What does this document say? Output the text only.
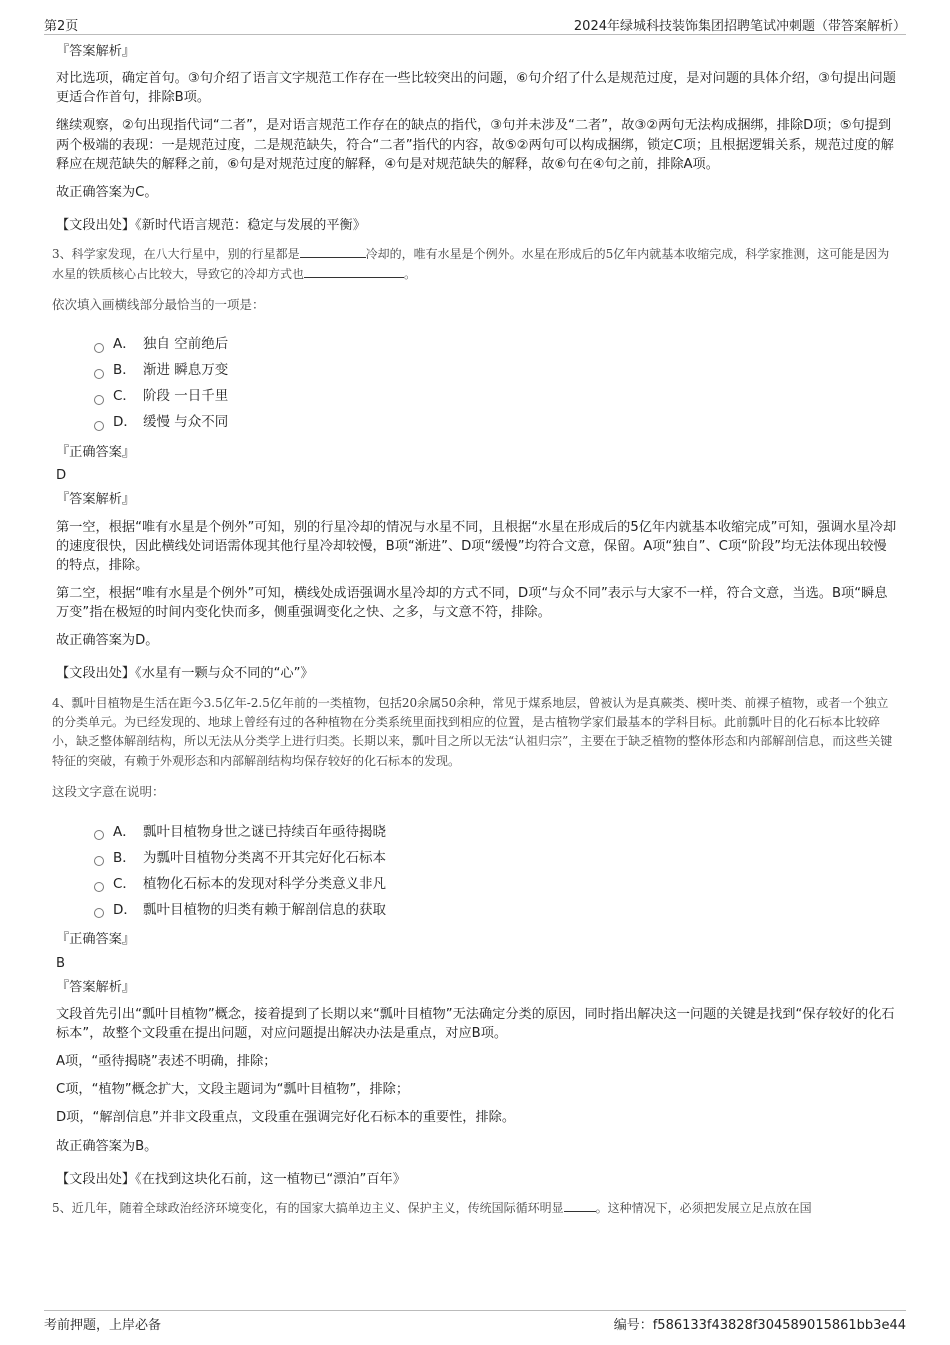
第2页	2024年绿城科技装饰集团招聘笔试冲刺题（带答案解析）
『答案解析』

对比选项，确定首句。③句介绍了语言文字规范工作存在一些比较突出的问题，⑥句介绍了什么是规范过度，是对问题的具体介绍，③句提出问题更适合作首句，排除B项。

继续观察，②句出现指代词“二者”，是对语言规范工作存在的缺点的指代，③句并未涉及“二者”，故③②两句无法构成捆绑，排除D项；⑤句提到两个极端的表现：一是规范过度，二是规范缺失，符合“二者”指代的内容，故⑤②两句可以构成捆绑，锁定C项；且根据逻辑关系，规范过度的解释应在规范缺失的解释之前，⑥句是对规范过度的解释，④句是对规范缺失的解释，故⑥句在④句之前，排除A项。

故正确答案为C。

【文段出处】《新时代语言规范：稳定与发展的平衡》
3、科学家发现，在八大行星中，别的行星都是	冷却的，唯有水星是个例外。水星在形成后的5亿年内就基本收缩完成，科学家推测，这可能是因为水星的铁质核心占比较大，导致它的冷却方式也	。
依次填入画横线部分最恰当的一项是：
A． 独自 空前绝后
B． 渐进 瞬息万变
C． 阶段 一日千里
D． 缓慢 与众不同
『正确答案』
D
『答案解析』

第一空，根据“唯有水星是个例外”可知，别的行星冷却的情况与水星不同，且根据“水星在形成后的5亿年内就基本收缩完成”可知，强调水星冷却的速度很快，因此横线处词语需体现其他行星冷却较慢，B项“渐进”、D项“缓慢”均符合文意，保留。A项“独自”、C项“阶段”均无法体现出较慢的特点，排除。

第二空，根据“唯有水星是个例外”可知，横线处成语强调水星冷却的方式不同，D项“与众不同”表示与大家不一样，符合文意，当选。B项“瞬息万变”指在极短的时间内变化快而多，侧重强调变化之快、之多，与文意不符，排除。

故正确答案为D。

【文段出处】《水星有一颗与众不同的“心”》
4、瓢叶目植物是生活在距今3.5亿年-2.5亿年前的一类植物，包括20余属50余种，常见于煤系地层，曾被认为是真蕨类、楔叶类、前裸子植物，或者一个独立的分类单元。为已经发现的、地球上曾经有过的各种植物在分类系统里面找到相应的位置，是古植物学家们最基本的学科目标。此前瓢叶目的化石标本比较碎小，缺乏整体解剖结构，所以无法从分类学上进行归类。长期以来，瓢叶目之所以无法“认祖归宗”，主要在于缺乏植物的整体形态和内部解剖信息，而这些关键特征的突破，有赖于外观形态和内部解剖结构均保存较好的化石标本的发现。
这段文字意在说明：
A． 瓢叶目植物身世之谜已持续百年亟待揭晓
B． 为瓢叶目植物分类离不开其完好化石标本
C． 植物化石标本的发现对科学分类意义非凡
D． 瓢叶目植物的归类有赖于解剖信息的获取
『正确答案』
B
『答案解析』

文段首先引出“瓢叶目植物”概念，接着提到了长期以来“瓢叶目植物”无法确定分类的原因，同时指出解决这一问题的关键是找到“保存较好的化石标本”，故整个文段重在提出问题，对应问题提出解决办法是重点，对应B项。

A项，“亟待揭晓”表述不明确，排除；

C项，“植物”概念扩大，文段主题词为“瓢叶目植物”，排除；

D项，“解剖信息”并非文段重点，文段重在强调完好化石标本的重要性，排除。

故正确答案为B。

【文段出处】《在找到这块化石前，这一植物已“漂泊”百年》
5、近几年，随着全球政治经济环境变化，有的国家大搞单边主义、保护主义，传统国际循环明显	。这种情况下，必须把发展立足点放在国
考前押题，上岸必备	编号：f586133f43828f304589015861bb3e44
